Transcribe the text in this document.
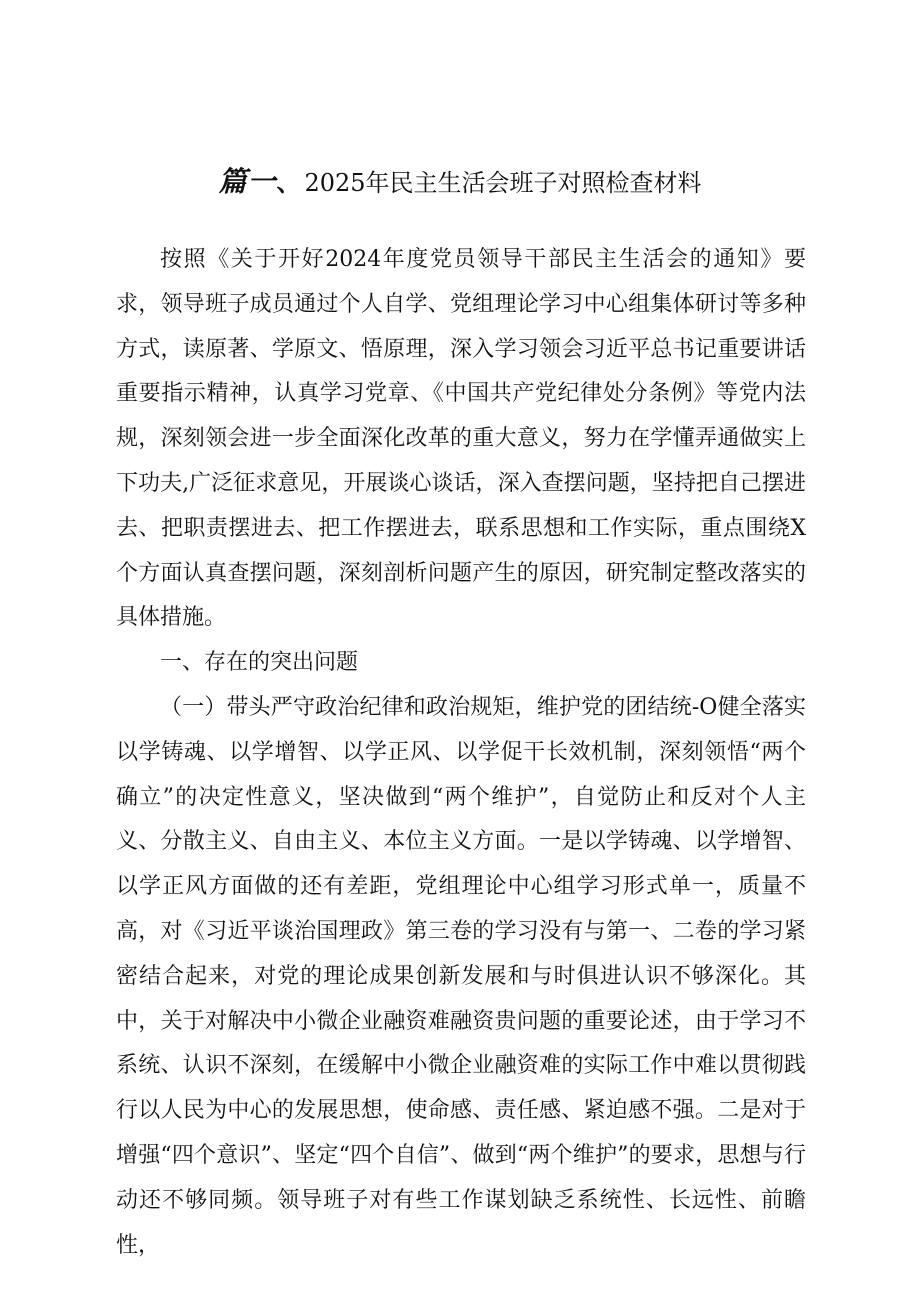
篇一、 2025年民主生活会班子对照检查材料

按照《关于开好2024年度党员领导干部民主生活会的通知》要求，领导班子成员通过个人自学、党组理论学习中心组集体研讨等多种方式，读原著、学原文、悟原理，深入学习领会习近平总书记重要讲话重要指示精神，认真学习党章、《中国共产党纪律处分条例》等党内法规，深刻领会进一步全面深化改革的重大意义，努力在学懂弄通做实上下功夫,广泛征求意见，开展谈心谈话，深入查摆问题，坚持把自己摆进去、把职责摆进去、把工作摆进去，联系思想和工作实际，重点围绕X个方面认真查摆问题，深刻剖析问题产生的原因，研究制定整改落实的具体措施。

一、存在的突出问题

（一）带头严守政治纪律和政治规矩，维护党的团结统-O健全落实以学铸魂、以学增智、以学正风、以学促干长效机制，深刻领悟“两个确立”的决定性意义，坚决做到“两个维护”，自觉防止和反对个人主义、分散主义、自由主义、本位主义方面。一是以学铸魂、以学增智、以学正风方面做的还有差距，党组理论中心组学习形式单一，质量不高，对《习近平谈治国理政》第三卷的学习没有与第一、二卷的学习紧密结合起来，对党的理论成果创新发展和与时俱进认识不够深化。其中，关于对解决中小微企业融资难融资贵问题的重要论述，由于学习不系统、认识不深刻，在缓解中小微企业融资难的实际工作中难以贯彻践行以人民为中心的发展思想，使命感、责任感、紧迫感不强。二是对于增强“四个意识”、坚定“四个自信”、做到“两个维护”的要求，思想与行动还不够同频。领导班子对有些工作谋划缺乏系统性、长远性、前瞻性，
